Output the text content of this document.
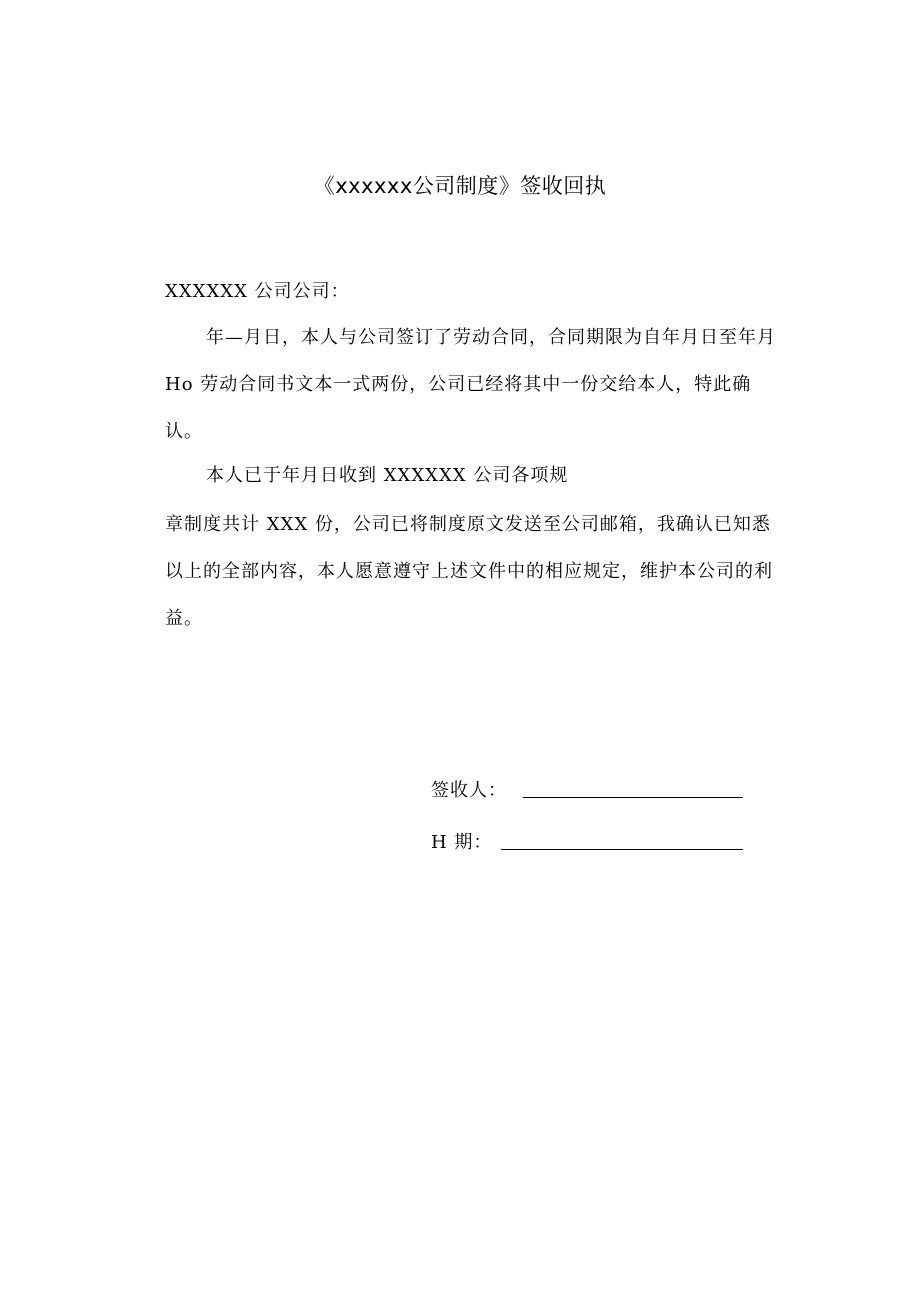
《xxxxxx公司制度》签收回执

XXXXXX 公司公司：

年—月日，本人与公司签订了劳动合同，合同期限为自年月日至年月 Ho 劳动合同书文本一式两份，公司已经将其中一份交给本人，特此确认。

本人已于年月日收到 XXXXXX 公司各项规

章制度共计 XXX 份，公司已将制度原文发送至公司邮箱，我确认已知悉以上的全部内容，本人愿意遵守上述文件中的相应规定，维护本公司的利益。

签收人：
H 期：
